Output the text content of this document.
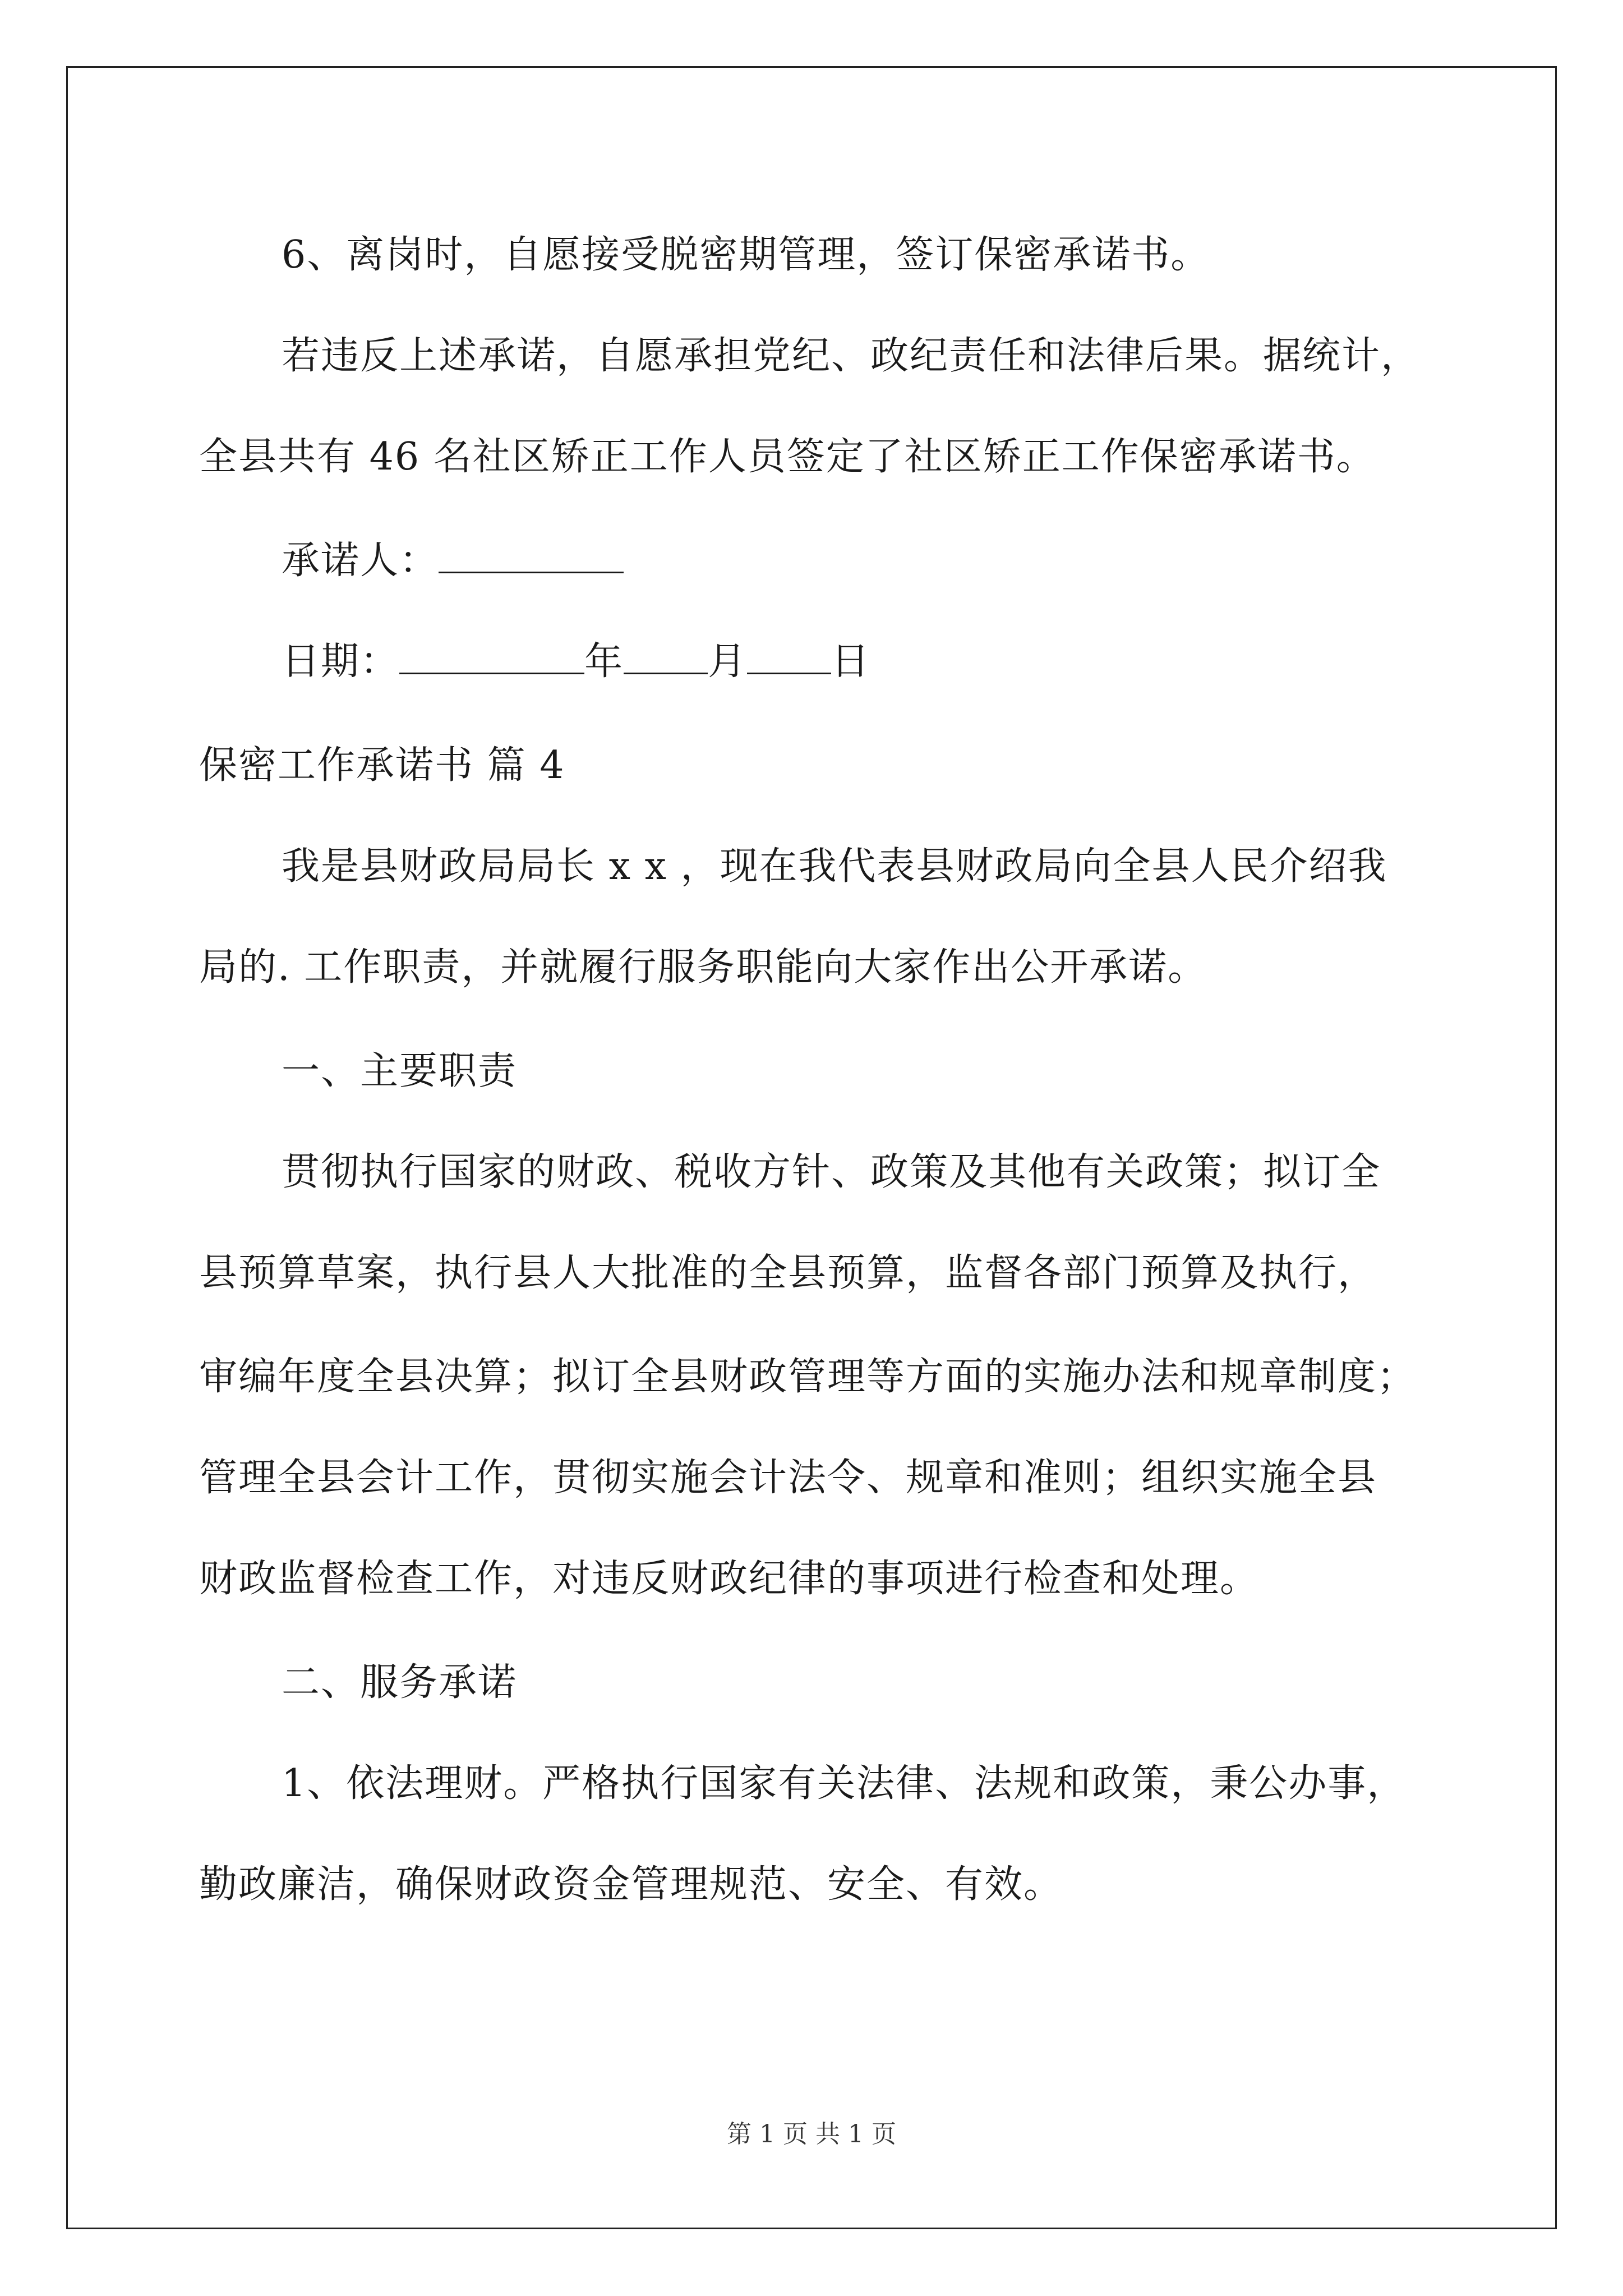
6、离岗时，自愿接受脱密期管理，签订保密承诺书。
若违反上述承诺，自愿承担党纪、政纪责任和法律后果。据统计，
全县共有 46 名社区矫正工作人员签定了社区矫正工作保密承诺书。
承诺人：
日期：	年 月 日
保密工作承诺书 篇 4
我是县财政局局长 x x ，现在我代表县财政局向全县人民介绍我
局的. 工作职责，并就履行服务职能向大家作出公开承诺。
一、主要职责
贯彻执行国家的财政、税收方针、政策及其他有关政策；拟订全
县预算草案，执行县人大批准的全县预算，监督各部门预算及执行，
审编年度全县决算；拟订全县财政管理等方面的实施办法和规章制度；
管理全县会计工作，贯彻实施会计法令、规章和准则；组织实施全县
财政监督检查工作，对违反财政纪律的事项进行检查和处理。
二、服务承诺
1、依法理财。严格执行国家有关法律、法规和政策，秉公办事，
勤政廉洁，确保财政资金管理规范、安全、有效。
第 1 页 共 1 页
